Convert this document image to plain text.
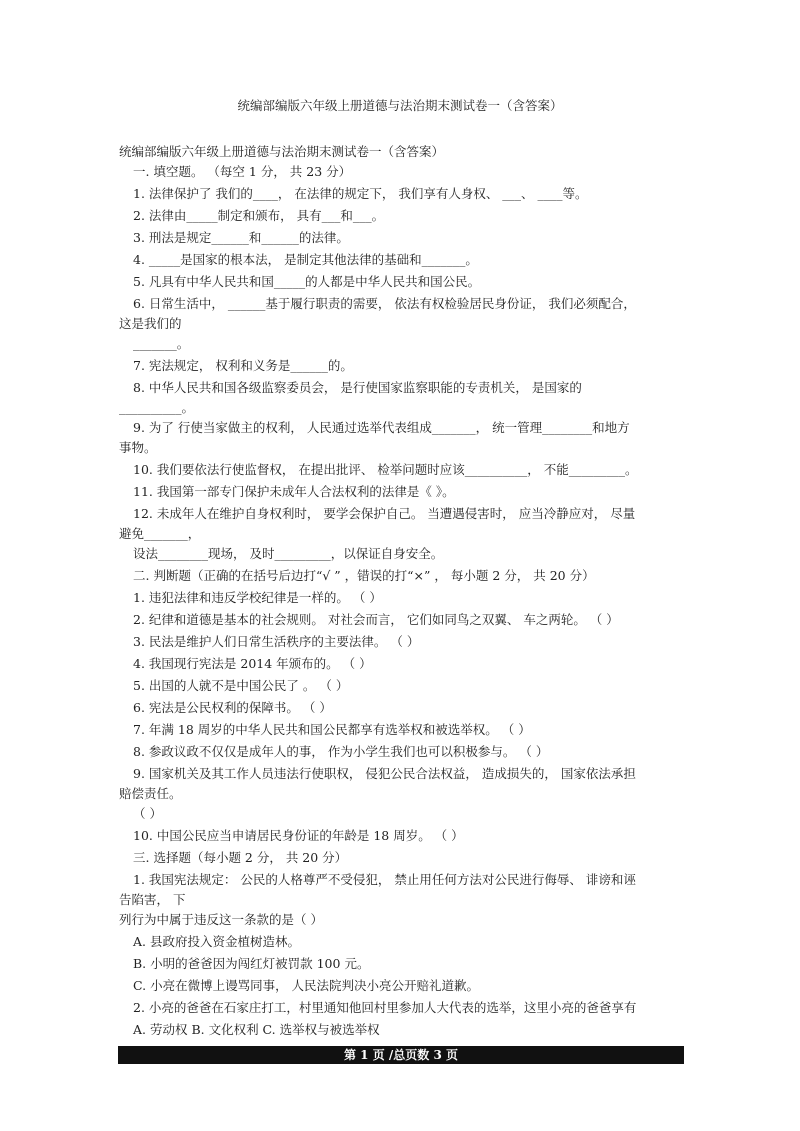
统编部编版六年级上册道德与法治期末测试卷一（含答案）
统编部编版六年级上册道德与法治期末测试卷一（含答案）
一. 填空题。 （每空 1 分， 共 23 分）
1. 法律保护了 我们的____， 在法律的规定下， 我们享有人身权、 ___、 ____等。
2. 法律由_____制定和颁布， 具有___和___。
3. 刑法是规定______和______的法律。
4. _____是国家的根本法， 是制定其他法律的基础和_______。
5. 凡具有中华人民共和国_____的人都是中华人民共和国公民。
6. 日常生活中， ______基于履行职责的需要， 依法有权检验居民身份证， 我们必须配合，
这是我们的
_______。
7. 宪法规定， 权利和义务是______的。
8. 中华人民共和国各级监察委员会， 是行使国家监察职能的专责机关， 是国家的
__________。
9. 为了 行使当家做主的权利， 人民通过选举代表组成_______， 统一管理________和地方
事物。
10. 我们要依法行使监督权， 在提出批评、 检举问题时应该__________， 不能_________。
11. 我国第一部专门保护未成年人合法权利的法律是《 》。
12. 未成年人在维护自身权利时， 要学会保护自己。 当遭遇侵害时， 应当冷静应对， 尽量
避免_______，
设法________现场， 及时_________，以保证自身安全。
二. 判断题（正确的在括号后边打“√ ” ，错误的打“×” ， 每小题 2 分， 共 20 分）
1. 违犯法律和违反学校纪律是一样的。 （ ）
2. 纪律和道德是基本的社会规则。 对社会而言， 它们如同鸟之双翼、 车之两轮。 （ ）
3. 民法是维护人们日常生活秩序的主要法律。 （ ）
4. 我国现行宪法是 2014 年颁布的。 （ ）
5. 出国的人就不是中国公民了 。 （ ）
6. 宪法是公民权利的保障书。 （ ）
7. 年满 18 周岁的中华人民共和国公民都享有选举权和被选举权。 （ ）
8. 参政议政不仅仅是成年人的事， 作为小学生我们也可以积极参与。 （ ）
9. 国家机关及其工作人员违法行使职权， 侵犯公民合法权益， 造成损失的， 国家依法承担
赔偿责任。
（ ）
10. 中国公民应当申请居民身份证的年龄是 18 周岁。 （ ）
三. 选择题（每小题 2 分， 共 20 分）
1. 我国宪法规定： 公民的人格尊严不受侵犯， 禁止用任何方法对公民进行侮辱、 诽谤和诬
告陷害， 下
列行为中属于违反这一条款的是（ ）
A. 县政府投入资金植树造林。
B. 小明的爸爸因为闯红灯被罚款 100 元。
C. 小亮在微博上谩骂同事， 人民法院判决小亮公开赔礼道歉。
2. 小亮的爸爸在石家庄打工，村里通知他回村里参加人大代表的选举，这里小亮的爸爸享有
A. 劳动权 B. 文化权利 C. 选举权与被选举权
第 1 页 /总页数 3 页
